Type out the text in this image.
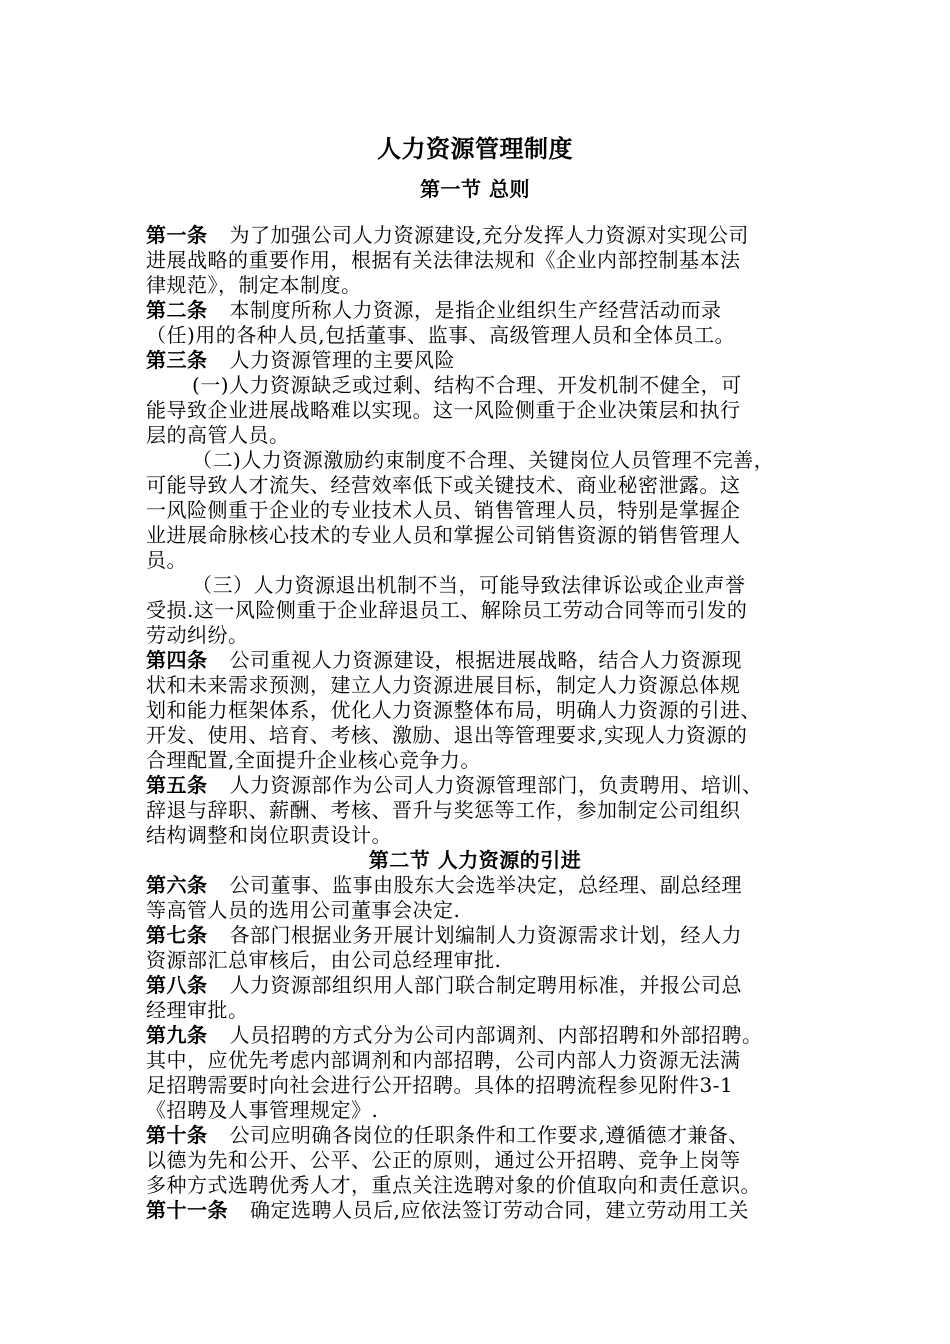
人力资源管理制度
第一节 总则
第一条 为了加强公司人力资源建设,充分发挥人力资源对实现公司
进展战略的重要作用，根据有关法律法规和《企业内部控制基本法
律规范》，制定本制度。
第二条 本制度所称人力资源，是指企业组织生产经营活动而录
（任)用的各种人员,包括董事、监事、高级管理人员和全体员工。
第三条 人力资源管理的主要风险
(一)人力资源缺乏或过剩、结构不合理、开发机制不健全，可
能导致企业进展战略难以实现。这一风险侧重于企业决策层和执行
层的高管人员。
（二)人力资源激励约束制度不合理、关键岗位人员管理不完善，
可能导致人才流失、经营效率低下或关键技术、商业秘密泄露。这
一风险侧重于企业的专业技术人员、销售管理人员，特别是掌握企
业进展命脉核心技术的专业人员和掌握公司销售资源的销售管理人
员。
（三）人力资源退出机制不当，可能导致法律诉讼或企业声誉
受损.这一风险侧重于企业辞退员工、解除员工劳动合同等而引发的
劳动纠纷。
第四条 公司重视人力资源建设，根据进展战略，结合人力资源现
状和未来需求预测，建立人力资源进展目标，制定人力资源总体规
划和能力框架体系，优化人力资源整体布局，明确人力资源的引进、
开发、使用、培育、考核、激励、退出等管理要求,实现人力资源的
合理配置,全面提升企业核心竞争力。
第五条 人力资源部作为公司人力资源管理部门，负责聘用、培训、
辞退与辞职、薪酬、考核、晋升与奖惩等工作，参加制定公司组织
结构调整和岗位职责设计。
第二节 人力资源的引进
第六条 公司董事、监事由股东大会选举决定，总经理、副总经理
等高管人员的选用公司董事会决定.
第七条 各部门根据业务开展计划编制人力资源需求计划，经人力
资源部汇总审核后，由公司总经理审批.
第八条 人力资源部组织用人部门联合制定聘用标准，并报公司总
经理审批。
第九条 人员招聘的方式分为公司内部调剂、内部招聘和外部招聘。
其中，应优先考虑内部调剂和内部招聘，公司内部人力资源无法满
足招聘需要时向社会进行公开招聘。具体的招聘流程参见附件3-1
《招聘及人事管理规定》.
第十条 公司应明确各岗位的任职条件和工作要求,遵循德才兼备、
以德为先和公开、公平、公正的原则，通过公开招聘、竞争上岗等
多种方式选聘优秀人才，重点关注选聘对象的价值取向和责任意识。
第十一条 确定选聘人员后,应依法签订劳动合同，建立劳动用工关
